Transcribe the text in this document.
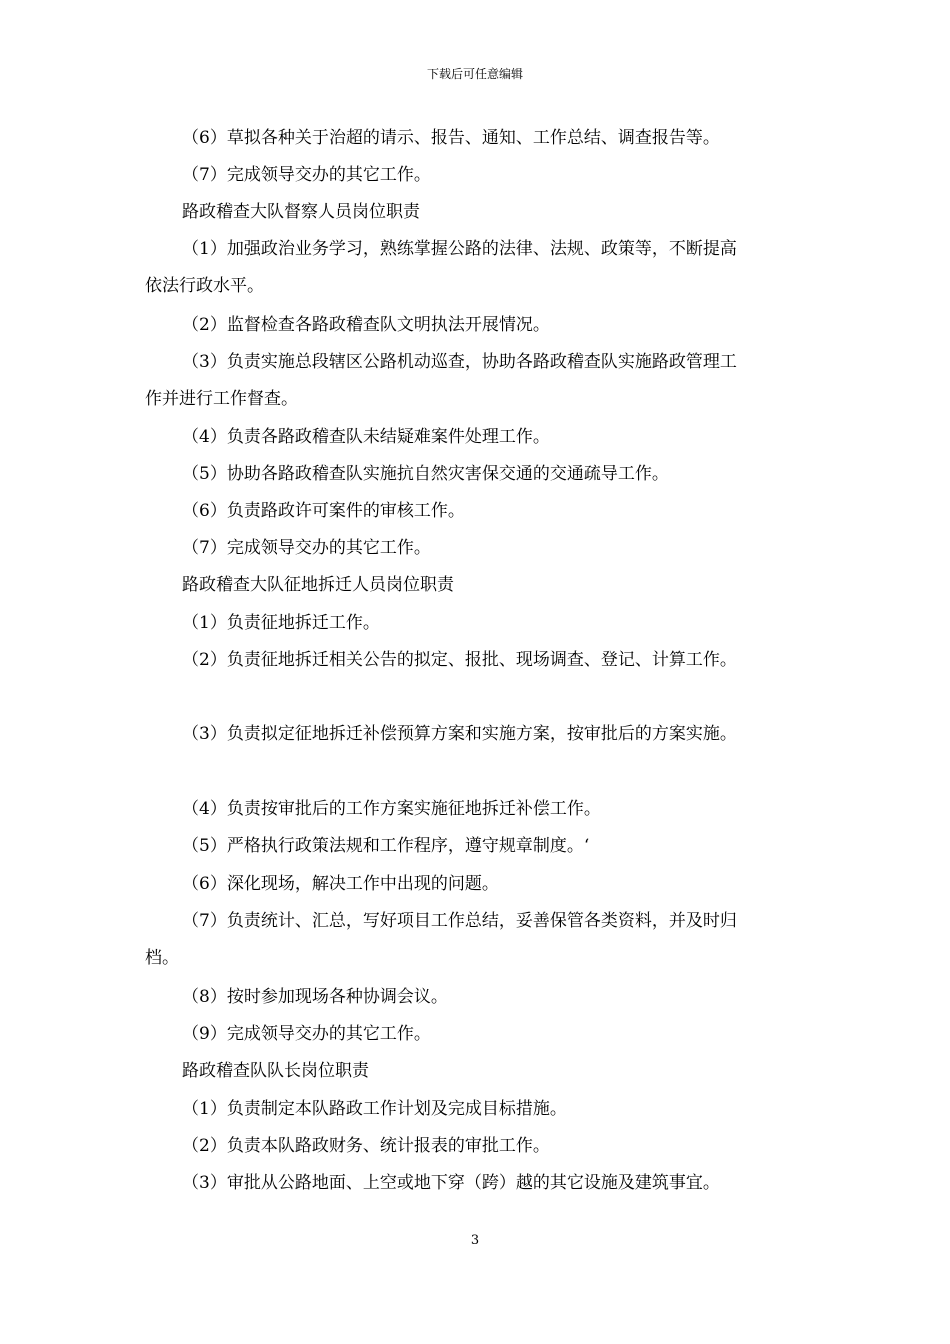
下载后可任意编辑
（6）草拟各种关于治超的请示、报告、通知、工作总结、调查报告等。
（7）完成领导交办的其它工作。
路政稽查大队督察人员岗位职责
（1）加强政治业务学习，熟练掌握公路的法律、法规、政策等，不断提高
依法行政水平。
（2）监督检查各路政稽查队文明执法开展情况。
（3）负责实施总段辖区公路机动巡查，协助各路政稽查队实施路政管理工
作并进行工作督查。
（4）负责各路政稽查队未结疑难案件处理工作。
（5）协助各路政稽查队实施抗自然灾害保交通的交通疏导工作。
（6）负责路政许可案件的审核工作。
（7）完成领导交办的其它工作。
路政稽查大队征地拆迁人员岗位职责
（1）负责征地拆迁工作。
（2）负责征地拆迁相关公告的拟定、报批、现场调查、登记、计算工作。
（3）负责拟定征地拆迁补偿预算方案和实施方案，按审批后的方案实施。
（4）负责按审批后的工作方案实施征地拆迁补偿工作。
（5）严格执行政策法规和工作程序，遵守规章制度。‘
（6）深化现场，解决工作中出现的问题。
（7）负责统计、汇总，写好项目工作总结，妥善保管各类资料，并及时归
档。
（8）按时参加现场各种协调会议。
（9）完成领导交办的其它工作。
路政稽查队队长岗位职责
（1）负责制定本队路政工作计划及完成目标措施。
（2）负责本队路政财务、统计报表的审批工作。
（3）审批从公路地面、上空或地下穿（跨）越的其它设施及建筑事宜。
3
